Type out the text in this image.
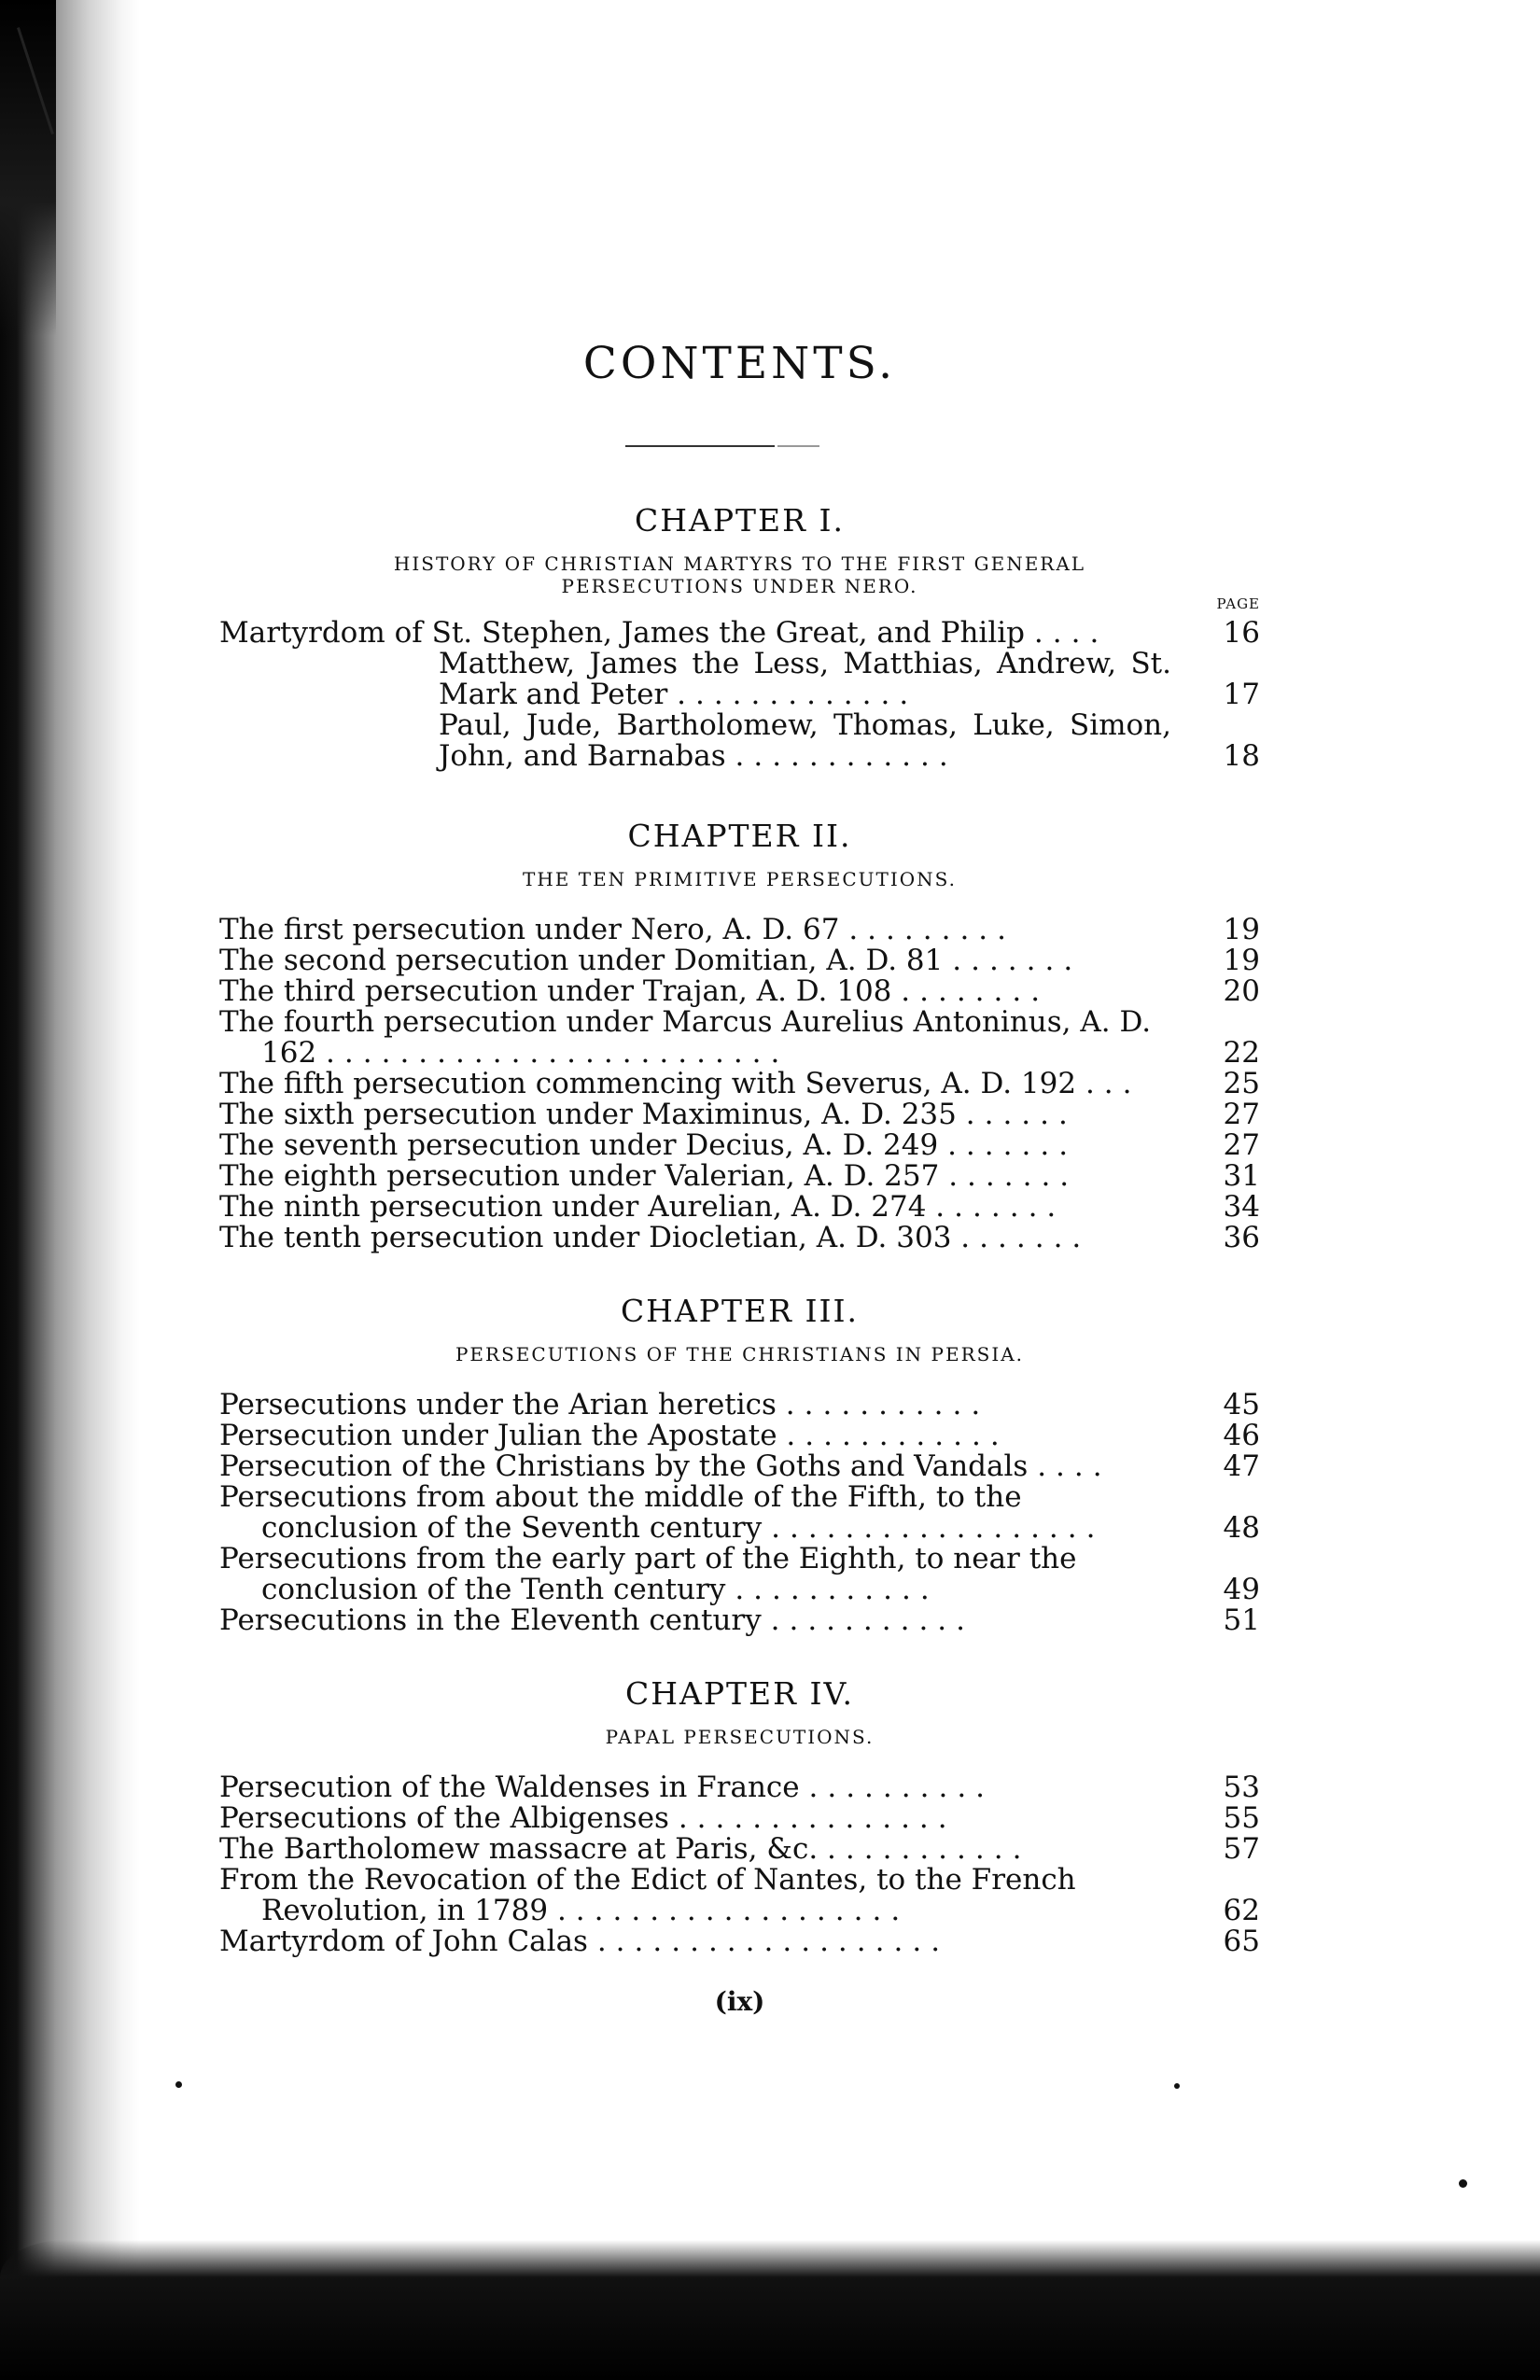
CONTENTS.
CHAPTER I.
HISTORY OF CHRISTIAN MARTYRS TO THE FIRST GENERAL
PERSECUTIONS UNDER NERO.
PAGE
Martyrdom of St. Stephen, James the Great, and Philip ....	16
Matthew, James the Less, Matthias, Andrew, St. Mark and Peter .............	17
Paul, Jude, Bartholomew, Thomas, Luke, Simon, John, and Barnabas ............	18
CHAPTER II.
THE TEN PRIMITIVE PERSECUTIONS.
The first persecution under Nero, A. D. 67 .........	19
The second persecution under Domitian, A. D. 81 .......	19
The third persecution under Trajan, A. D. 108 ........	20
The fourth persecution under Marcus Aurelius Antoninus, A. D. 162 .........................	22
The fifth persecution commencing with Severus, A. D. 192 ...	25
The sixth persecution under Maximinus, A. D. 235 ......	27
The seventh persecution under Decius, A. D. 249 .......	27
The eighth persecution under Valerian, A. D. 257 .......	31
The ninth persecution under Aurelian, A. D. 274 .......	34
The tenth persecution under Diocletian, A. D. 303 .......	36
CHAPTER III.
PERSECUTIONS OF THE CHRISTIANS IN PERSIA.
Persecutions under the Arian heretics ...........	45
Persecution under Julian the Apostate ............	46
Persecution of the Christians by the Goths and Vandals ....	47
Persecutions from about the middle of the Fifth, to the conclusion of the Seventh century ..................	48
Persecutions from the early part of the Eighth, to near the conclusion of the Tenth century ...........	49
Persecutions in the Eleventh century ...........	51
CHAPTER IV.
PAPAL PERSECUTIONS.
Persecution of the Waldenses in France ..........	53
Persecutions of the Albigenses ...............	55
The Bartholomew massacre at Paris, &c. ...........	57
From the Revocation of the Edict of Nantes, to the French Revolution, in 1789 ...................	62
Martyrdom of John Calas ...................	65
(ix)
